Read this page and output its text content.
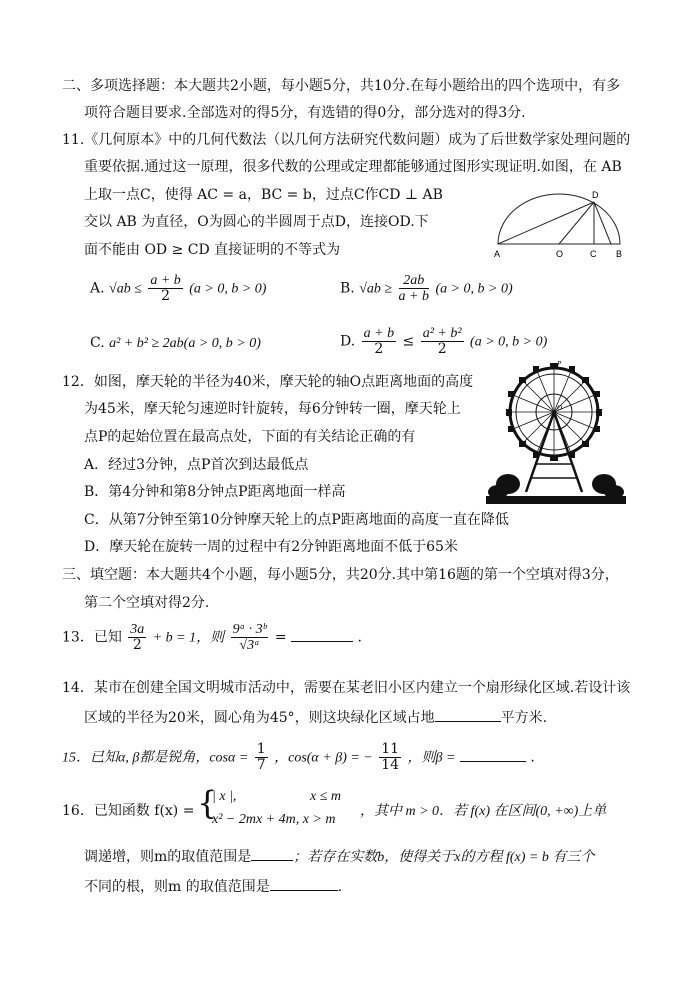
二、多项选择题：本大题共2小题，每小题5分，共10分.在每小题给出的四个选项中，有多
项符合题目要求.全部选对的得5分，有选错的得0分，部分选对的得3分.
11.《几何原本》中的几何代数法（以几何方法研究代数问题）成为了后世数学家处理问题的
重要依据.通过这一原理，很多代数的公理或定理都能够通过图形实现证明.如图，在 AB
上取一点C，使得 AC = a，BC = b，过点C作CD ⊥ AB
交以 AB 为直径，O为圆心的半圆周于点D，连接OD.下
面不能由 OD ≥ CD 直接证明的不等式为	A	O	C B
D
A. $√ab \le \frac{a + b}{2} (a > 0$, b > 0)	B. $√ab \ge \frac{2ab}{a + b} (a > 0$, b > 0)
C. a² + b² ≥ 2ab(a > 0, b > 0)	D. $\frac{a + b}{2} \le \frac{\text{a² + b²}}{2} (a > 0$, b > 0)
12．如图，摩天轮的半径为40米，摩天轮的轴O点距离地面的高度
为45米，摩天轮匀速逆时针旋转，每6分钟转一圈，摩天轮上
点P的起始位置在最高点处，下面的有关结论正确的有
A．经过3分钟，点P首次到达最低点
B．第4分钟和第8分钟点P距离地面一样高
C．从第7分钟至第10分钟摩天轮上的点P距离地面的高度一直在降低
D．摩天轮在旋转一周的过程中有2分钟距离地面不低于65米
P
O
三、填空题：本大题共4个小题，每小题5分，共20分.其中第16题的第一个空填对得3分，
第二个空填对得2分.
13．已知 $\frac{3a}{2} + b = 1$，则 $\frac{\text{9ᵃ · 3ᵇ}}{\text{√3ᵃ}}$ =	.
14．某市在创建全国文明城市活动中，需要在某老旧小区内建立一个扇形绿化区域.若设计该
区域的半径为20米，圆心角为45°，则这块绿化区域占地	平方米.
15．已知α, β都是锐角，$\cos\alpha = \frac{1}{7}$ ，cos(α + β) = − $\frac{11}{14}$ ，则β =	.
16．已知函数 f(x) = {
| x |,	x ≤ m
x² − 2mx + 4m, x > m
，其中 m > 0．若 f(x) 在区间(0, +∞)上单
调递增，则m的取值范围是	；若存在实数b，使得关于x的方程 f(x) = b 有三个
不同的根，则m 的取值范围是	.
